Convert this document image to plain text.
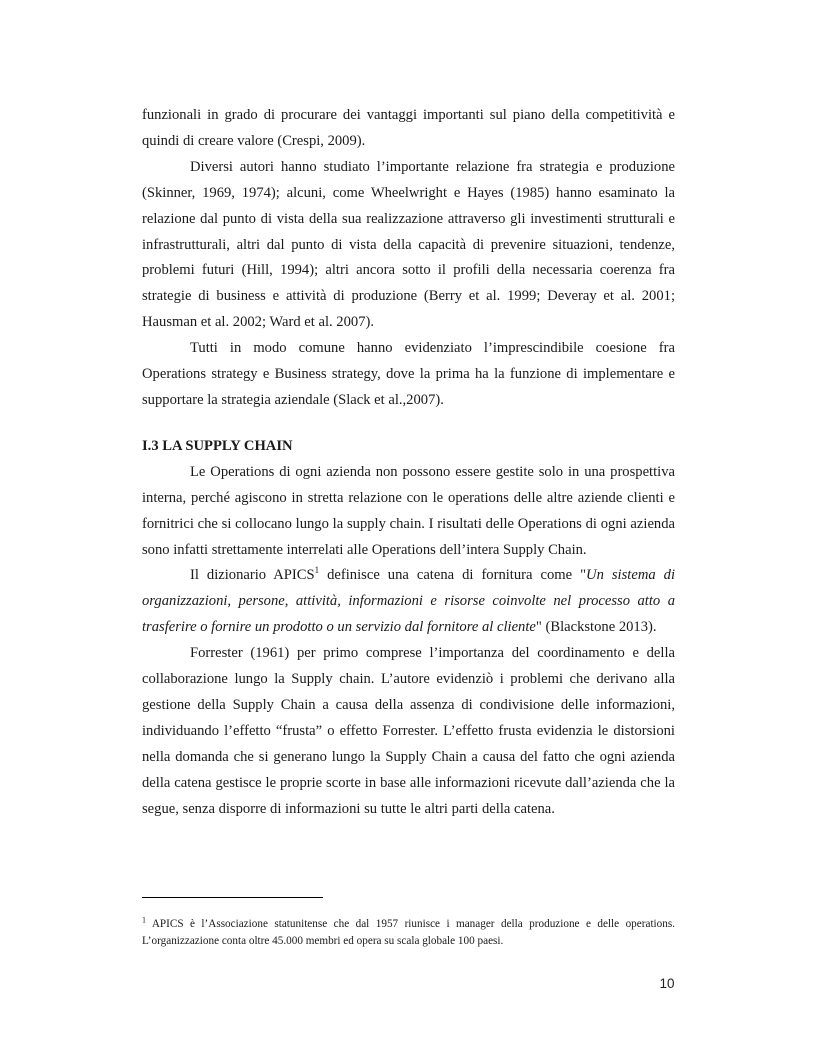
funzionali in grado di procurare dei vantaggi importanti sul piano della competitività e quindi di creare valore (Crespi, 2009).

Diversi autori hanno studiato l’importante relazione fra strategia e produzione (Skinner, 1969, 1974); alcuni, come Wheelwright e Hayes (1985) hanno esaminato la relazione dal punto di vista della sua realizzazione attraverso gli investimenti strutturali e infrastrutturali, altri dal punto di vista della capacità di prevenire situazioni, tendenze, problemi futuri (Hill, 1994); altri ancora sotto il profili della necessaria coerenza fra strategie di business e attività di produzione (Berry et al. 1999; Deveray et al. 2001; Hausman et al. 2002; Ward et al. 2007).

Tutti in modo comune hanno evidenziato l’imprescindibile coesione fra Operations strategy e Business strategy, dove la prima ha la funzione di implementare e supportare la strategia aziendale (Slack et al.,2007).

I.3 LA SUPPLY CHAIN

Le Operations di ogni azienda non possono essere gestite solo in una prospettiva interna, perché agiscono in stretta relazione con le operations delle altre aziende clienti e fornitrici che si collocano lungo la supply chain. I risultati delle Operations di ogni azienda sono infatti strettamente interrelati alle Operations dell’intera Supply Chain.

Il dizionario APICS$^1$ definisce una catena di fornitura come "Un sistema di organizzazioni, persone, attività, informazioni e risorse coinvolte nel processo atto a trasferire o fornire un prodotto o un servizio dal fornitore al cliente" (Blackstone 2013).

Forrester (1961) per primo comprese l’importanza del coordinamento e della collaborazione lungo la Supply chain. L’autore evidenziò i problemi che derivano alla gestione della Supply Chain a causa della assenza di condivisione delle informazioni, individuando l’effetto “frusta” o effetto Forrester. L’effetto frusta evidenzia le distorsioni nella domanda che si generano lungo la Supply Chain a causa del fatto che ogni azienda della catena gestisce le proprie scorte in base alle informazioni ricevute dall’azienda che la segue, senza disporre di informazioni su tutte le altri parti della catena.

$^1$ APICS è l’Associazione statunitense che dal 1957 riunisce i manager della produzione e delle operations. L’organizzazione conta oltre 45.000 membri ed opera su scala globale 100 paesi.
10
